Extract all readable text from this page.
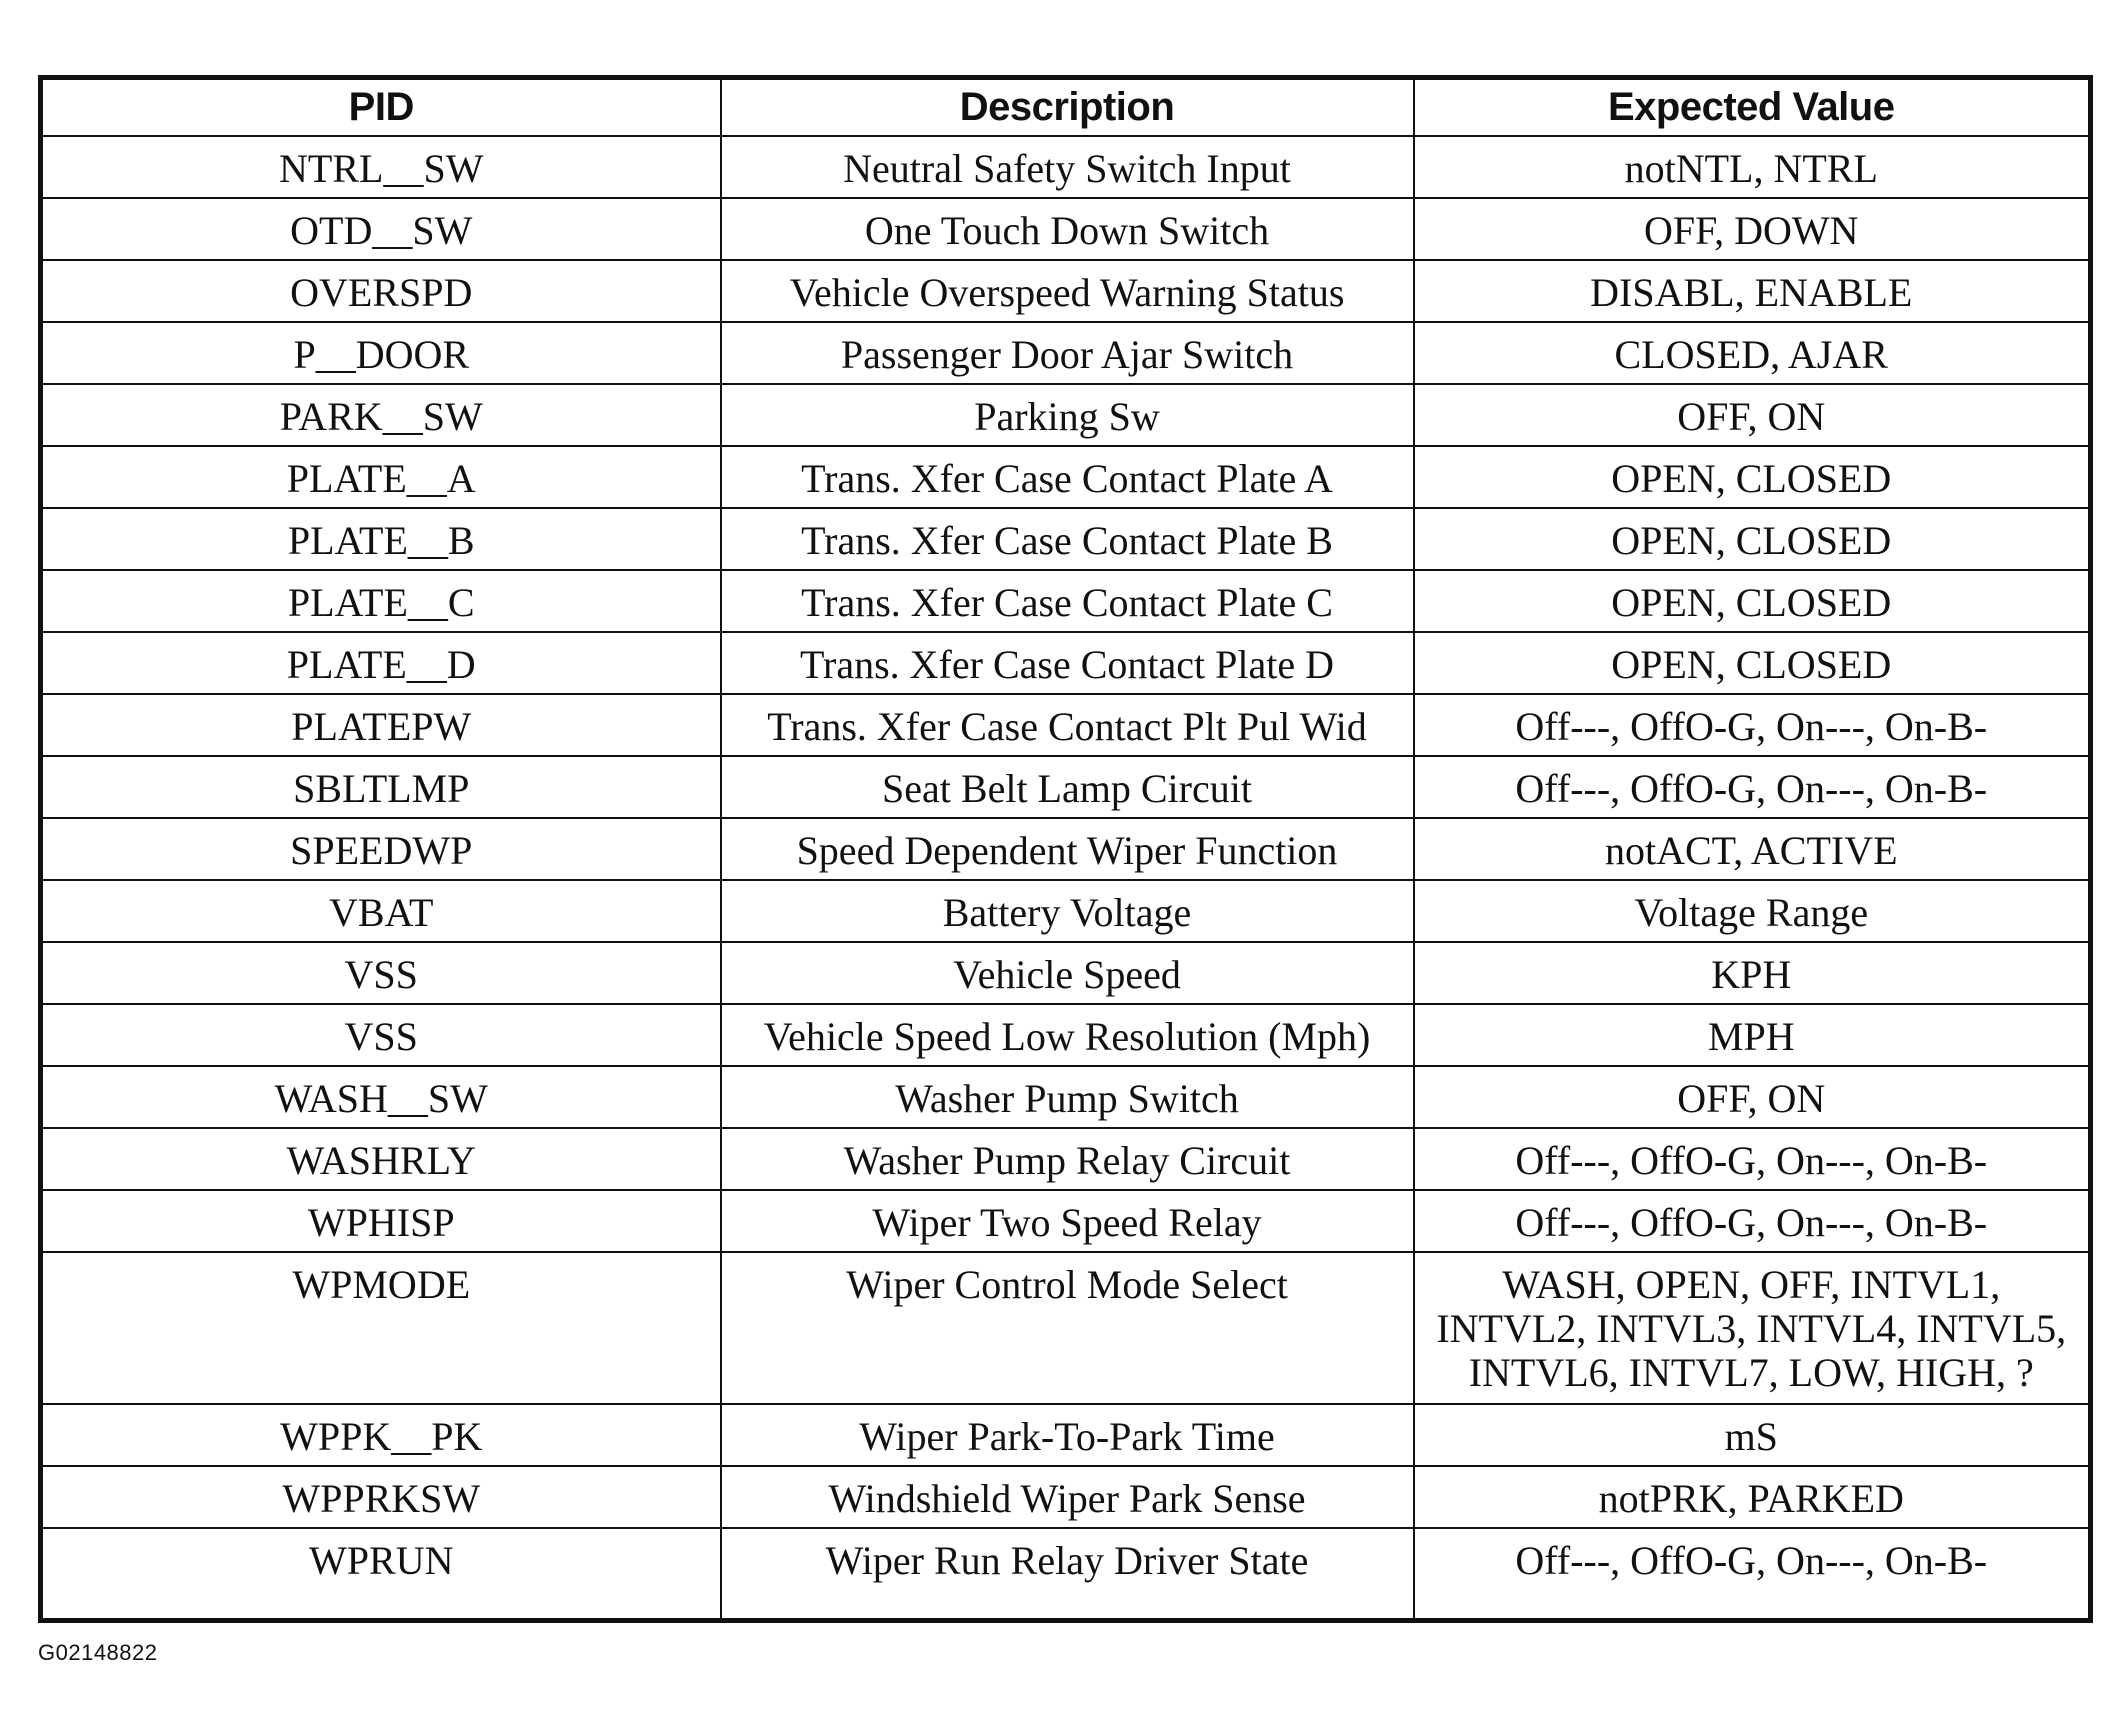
PID	Description	Expected Value

NTRL__SW	Neutral Safety Switch Input	notNTL, NTRL

OTD__SW	One Touch Down Switch	OFF, DOWN

OVERSPD	Vehicle Overspeed Warning Status	DISABL, ENABLE

P__DOOR	Passenger Door Ajar Switch	CLOSED, AJAR

PARK__SW	Parking Sw	OFF, ON

PLATE__A	Trans. Xfer Case Contact Plate A	OPEN, CLOSED

PLATE__B	Trans. Xfer Case Contact Plate B	OPEN, CLOSED

PLATE__C	Trans. Xfer Case Contact Plate C	OPEN, CLOSED

PLATE__D	Trans. Xfer Case Contact Plate D	OPEN, CLOSED

PLATEPW	Trans. Xfer Case Contact Plt Pul Wid	Off---, OffO-G, On---, On-B-

SBLTLMP	Seat Belt Lamp Circuit	Off---, OffO-G, On---, On-B-

SPEEDWP	Speed Dependent Wiper Function	notACT, ACTIVE

VBAT	Battery Voltage	Voltage Range

VSS	Vehicle Speed	KPH

VSS	Vehicle Speed Low Resolution (Mph)	MPH

WASH__SW	Washer Pump Switch	OFF, ON

WASHRLY	Washer Pump Relay Circuit	Off---, OffO-G, On---, On-B-

WPHISP	Wiper Two Speed Relay	Off---, OffO-G, On---, On-B-

WPMODE	Wiper Control Mode Select	WASH, OPEN, OFF, INTVL1,
INTVL2, INTVL3, INTVL4, INTVL5,
INTVL6, INTVL7, LOW, HIGH, ?

WPPK__PK	Wiper Park-To-Park Time	mS

WPPRKSW	Windshield Wiper Park Sense	notPRK, PARKED

WPRUN	Wiper Run Relay Driver State	Off---, OffO-G, On---, On-B-
G02148822
